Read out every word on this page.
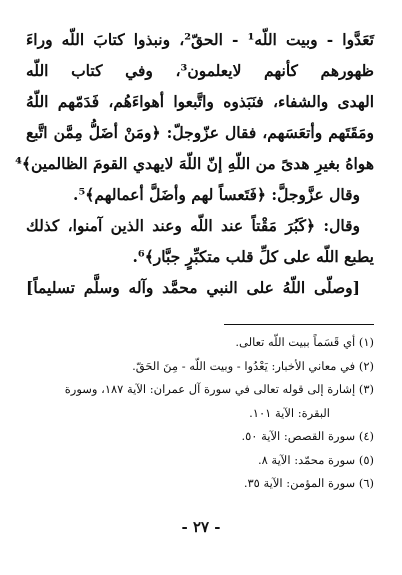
تَعَدَّوا - وبيت اللّه¹ - الحقّ²، ونبذوا كتابَ اللّه وراءَ
ظهورهم كأنهم لايعلمون³، وفي كتاب اللّه
الهدى والشفاء، فنَبَذوه واتَّبعوا أهواءَهُم، فَدَمّهم اللّهُ
ومَقَتَهم وأتعَسَهم، فقال عزّوجلّ: ﴿ومَنْ أضَلُّ مِمَّن اتَّبع
هواهُ بغيرِ هدىً من اللّهِ إنّ اللّهَ لايهدي القومَ الظالمين﴾⁴
وقال عزَّوجلَّ: ﴿فَتَعساً لهم وأضَلَّ أعمالهم﴾⁵.
وقال: ﴿كَبُرَ مَقْتاً عند اللّه وعند الذين آمنوا، كذلك
يطبع اللّه على كلِّ قلب متكبِّرٍ جبَّار﴾⁶.
[وصلّى اللّهُ على النبي محمَّد وآله وسلَّم تسليماً]
(١) أي قَسَماً ببيت اللّه تعالى.
(٢) في معاني الأخبار: يَعْدُوا - وبيت اللّه - مِنَ الحَقّ.
(٣) إشارة إلى قوله تعالى في سورة آل عمران: الآية ١٨٧، وسورة
البقرة: الآية ١٠١.
(٤) سورة القصص: الآية ٥٠.
(٥) سورة محمّد: الآية ٨.
(٦) سورة المؤمن: الآية ٣٥.
- ٢٧ -
